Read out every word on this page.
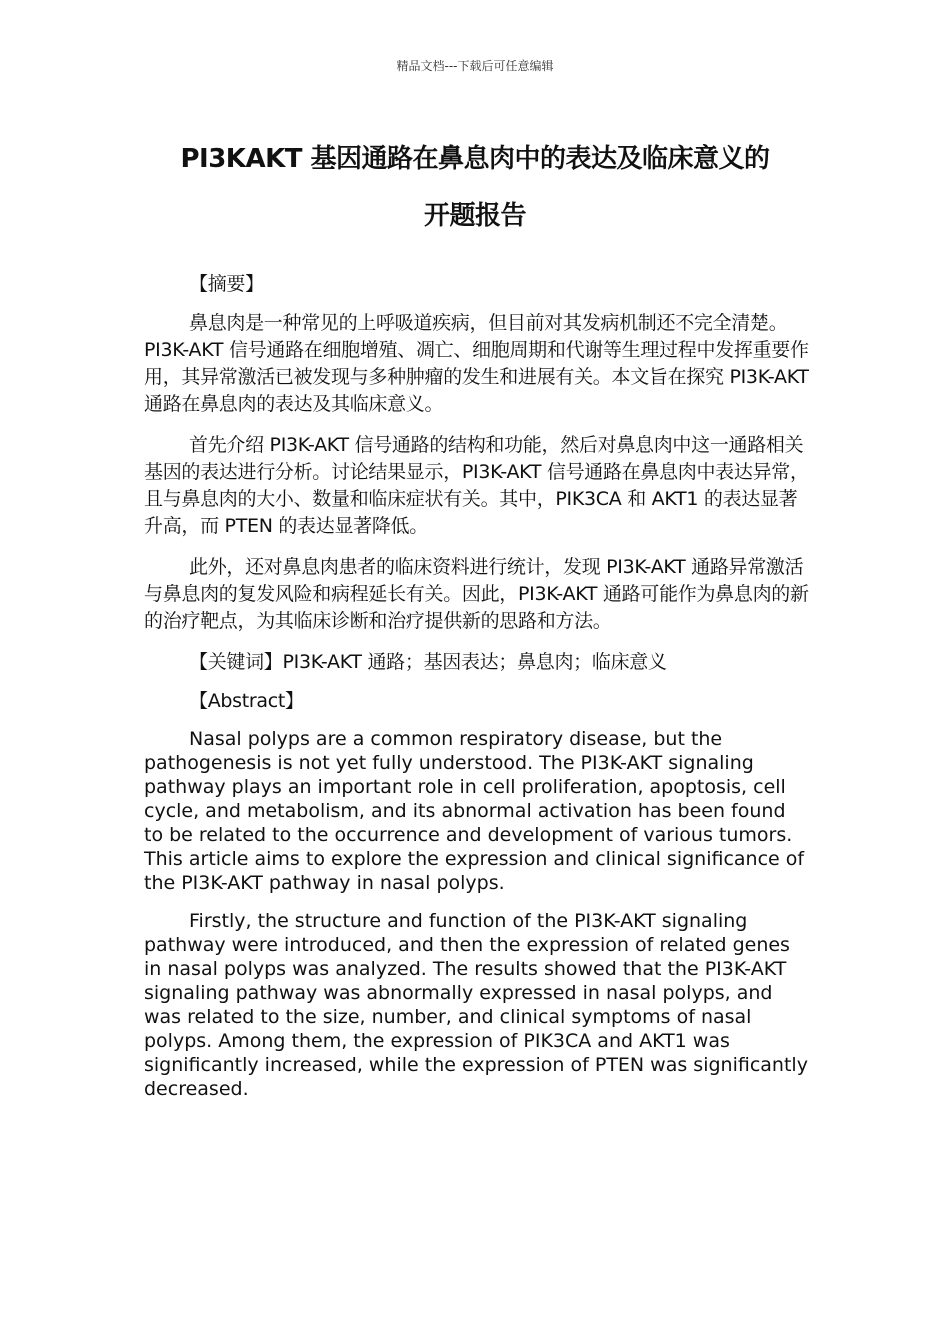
精品文档---下载后可任意编辑
PI3KAKT 基因通路在鼻息肉中的表达及临床意义的
开题报告

【摘要】

鼻息肉是一种常见的上呼吸道疾病，但目前对其发病机制还不完全清楚。PI3K-AKT 信号通路在细胞增殖、凋亡、细胞周期和代谢等生理过程中发挥重要作用，其异常激活已被发现与多种肿瘤的发生和进展有关。本文旨在探究 PI3K-AKT 通路在鼻息肉的表达及其临床意义。

首先介绍 PI3K-AKT 信号通路的结构和功能，然后对鼻息肉中这一通路相关基因的表达进行分析。讨论结果显示，PI3K-AKT 信号通路在鼻息肉中表达异常，且与鼻息肉的大小、数量和临床症状有关。其中，PIK3CA 和 AKT1 的表达显著升高，而 PTEN 的表达显著降低。

此外，还对鼻息肉患者的临床资料进行统计，发现 PI3K-AKT 通路异常激活与鼻息肉的复发风险和病程延长有关。因此，PI3K-AKT 通路可能作为鼻息肉的新的治疗靶点，为其临床诊断和治疗提供新的思路和方法。

【关键词】PI3K-AKT 通路；基因表达；鼻息肉；临床意义

【Abstract】

Nasal polyps are a common respiratory disease, but the pathogenesis is not yet fully understood. The PI3K-AKT signaling pathway plays an important role in cell proliferation, apoptosis, cell cycle, and metabolism, and its abnormal activation has been found to be related to the occurrence and development of various tumors. This article aims to explore the expression and clinical significance of the PI3K-AKT pathway in nasal polyps.

Firstly, the structure and function of the PI3K-AKT signaling pathway were introduced, and then the expression of related genes in nasal polyps was analyzed. The results showed that the PI3K-AKT signaling pathway was abnormally expressed in nasal polyps, and was related to the size, number, and clinical symptoms of nasal polyps. Among them, the expression of PIK3CA and AKT1 was significantly increased, while the expression of PTEN was significantly decreased.
